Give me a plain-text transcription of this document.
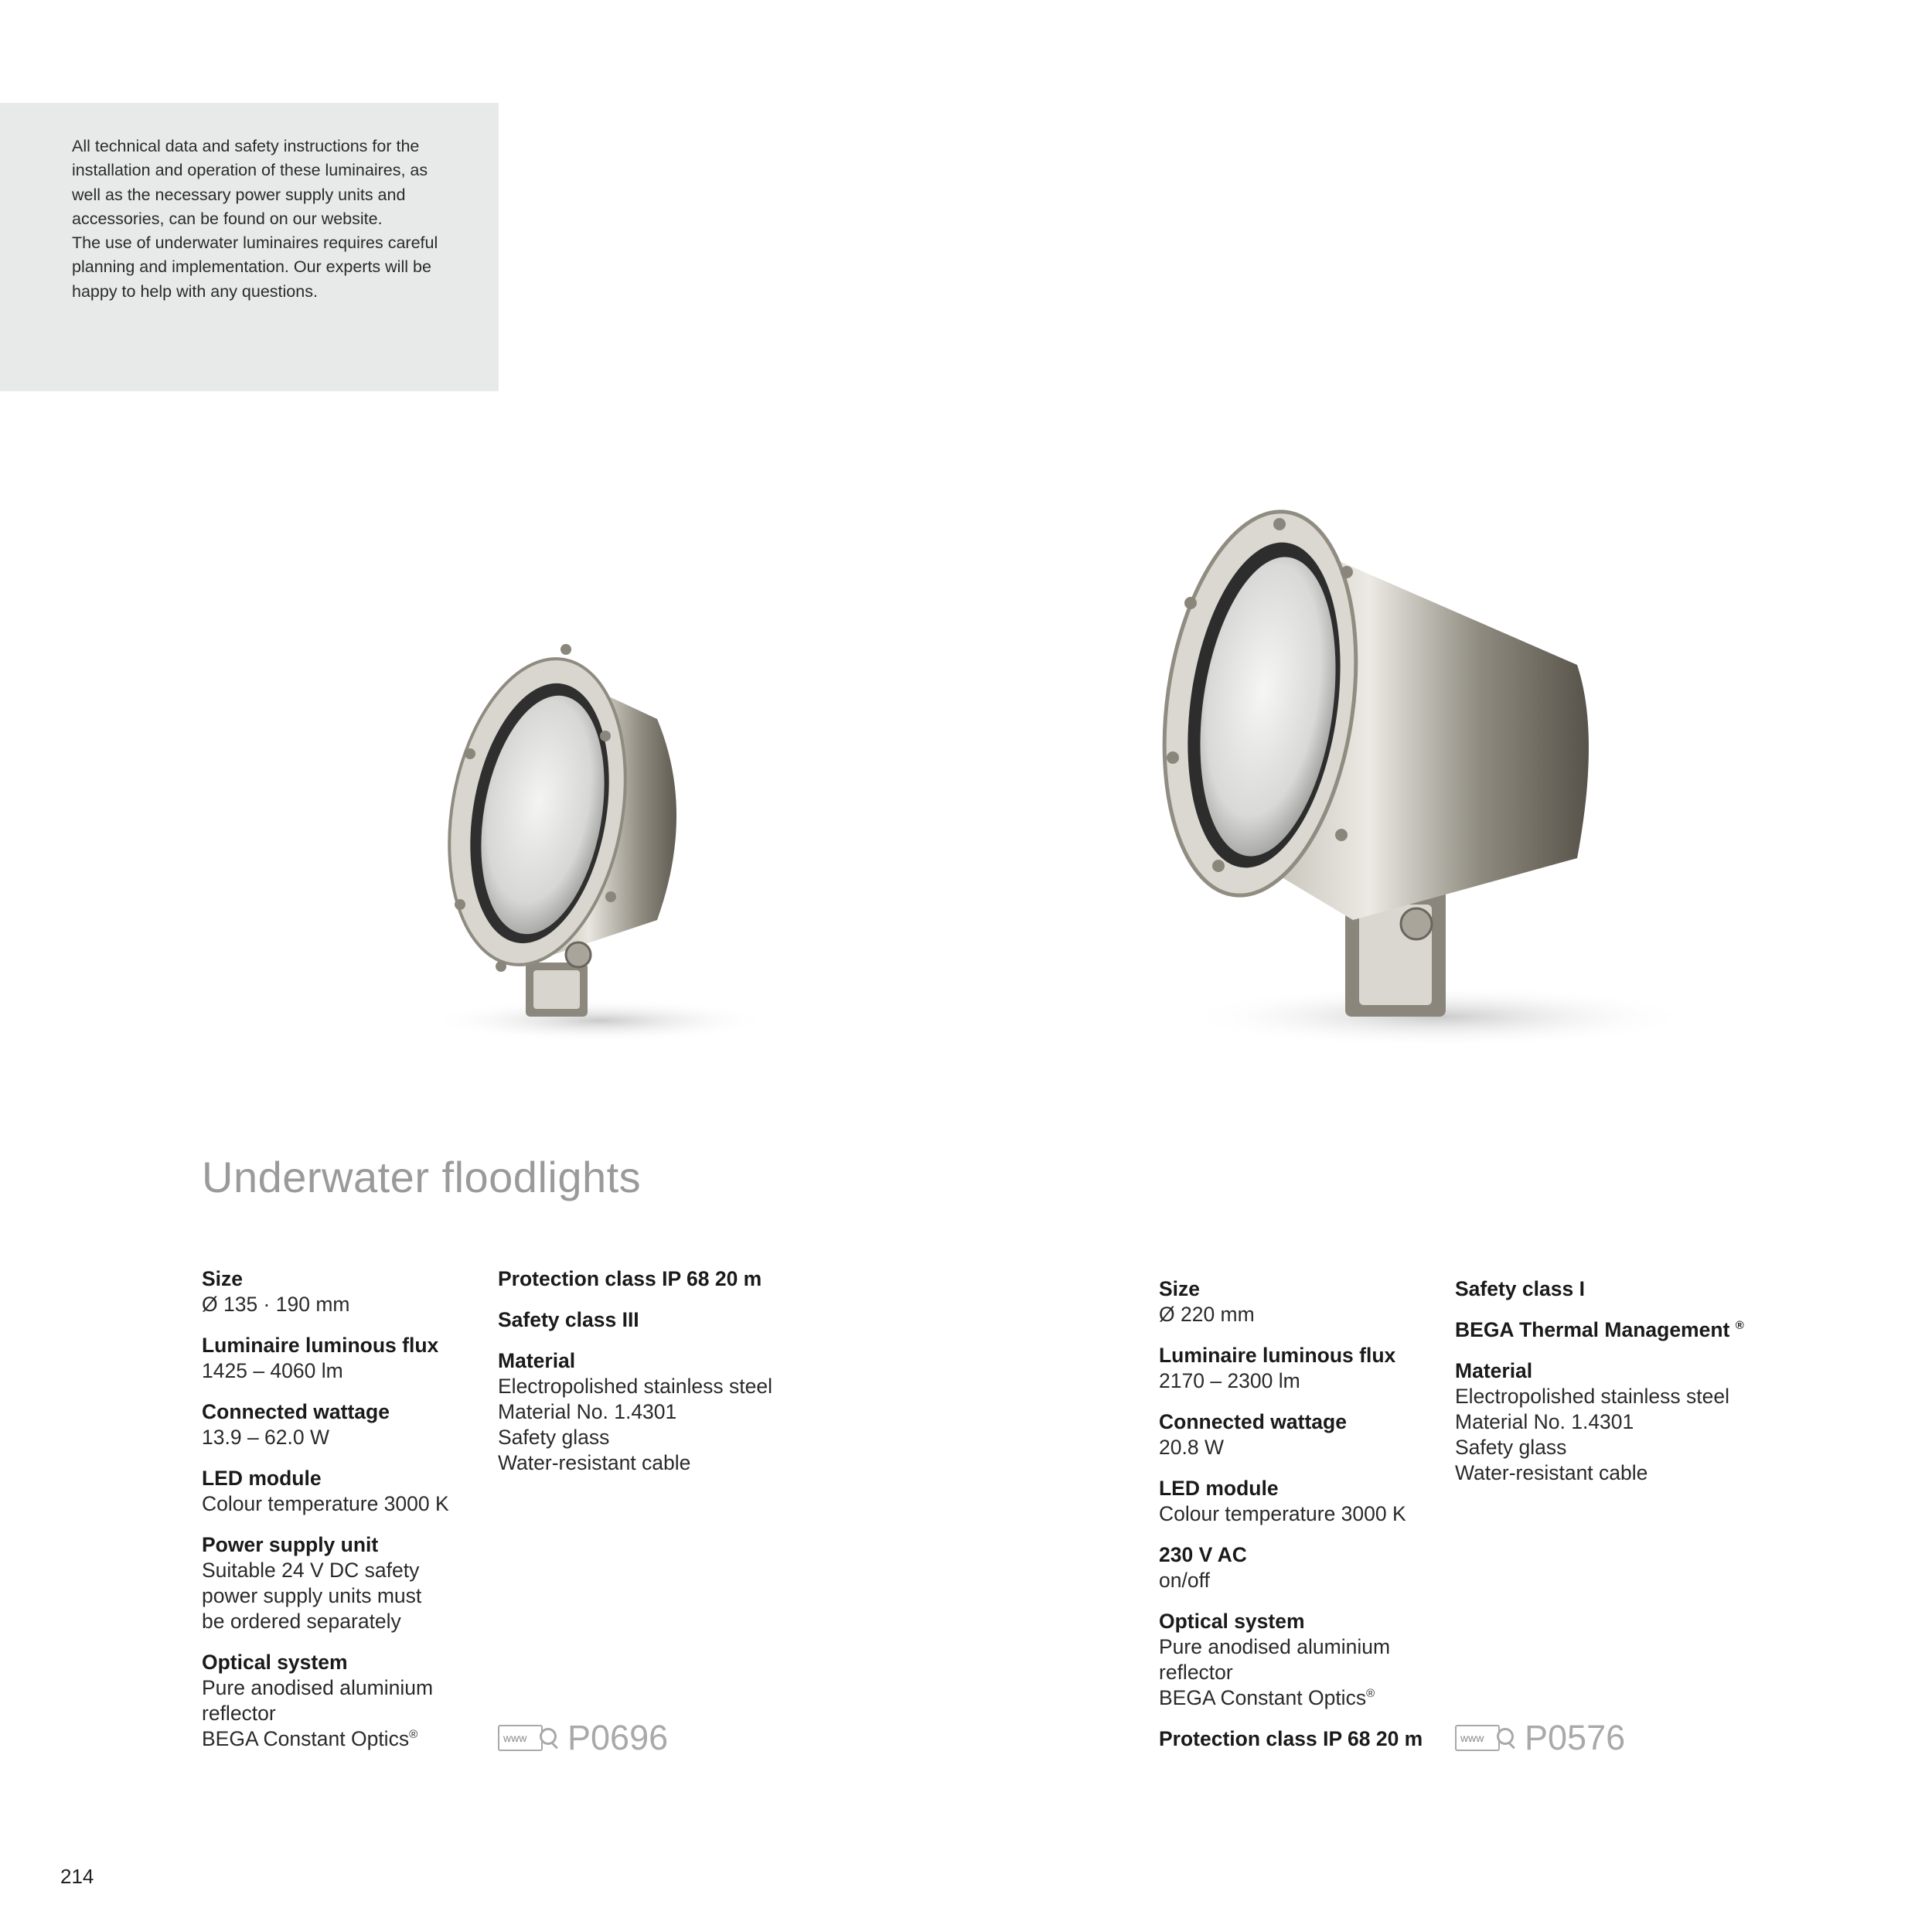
All technical data and safety instructions for the installation and operation of these luminaires, as well as the necessary power supply units and accessories, can be found on our website.

The use of underwater luminaires requires careful planning and implementation. Our experts will be happy to help with any questions.

Underwater floodlights
Size
Ø 135 · 190 mm
Luminaire luminous flux
1425 – 4060 lm
Connected wattage
13.9 – 62.0 W
LED module
Colour temperature 3000 K
Power supply unit
Suitable 24 V DC safety
power supply units must
be ordered separately
Optical system
Pure anodised aluminium
reflector
BEGA Constant Optics®
Protection class IP 68 20 m
Safety class III
Material
Electropolished stainless steel
Material No. 1.4301
Safety glass
Water-resistant cable
www P0696
Size
Ø 220 mm
Luminaire luminous flux
2170 – 2300 lm
Connected wattage
20.8 W
LED module
Colour temperature 3000 K
230 V AC
on/off
Optical system
Pure anodised aluminium
reflector
BEGA Constant Optics®
Protection class IP 68 20 m
Safety class I
BEGA Thermal Management ®
Material
Electropolished stainless steel
Material No. 1.4301
Safety glass
Water-resistant cable
www P0576
214
